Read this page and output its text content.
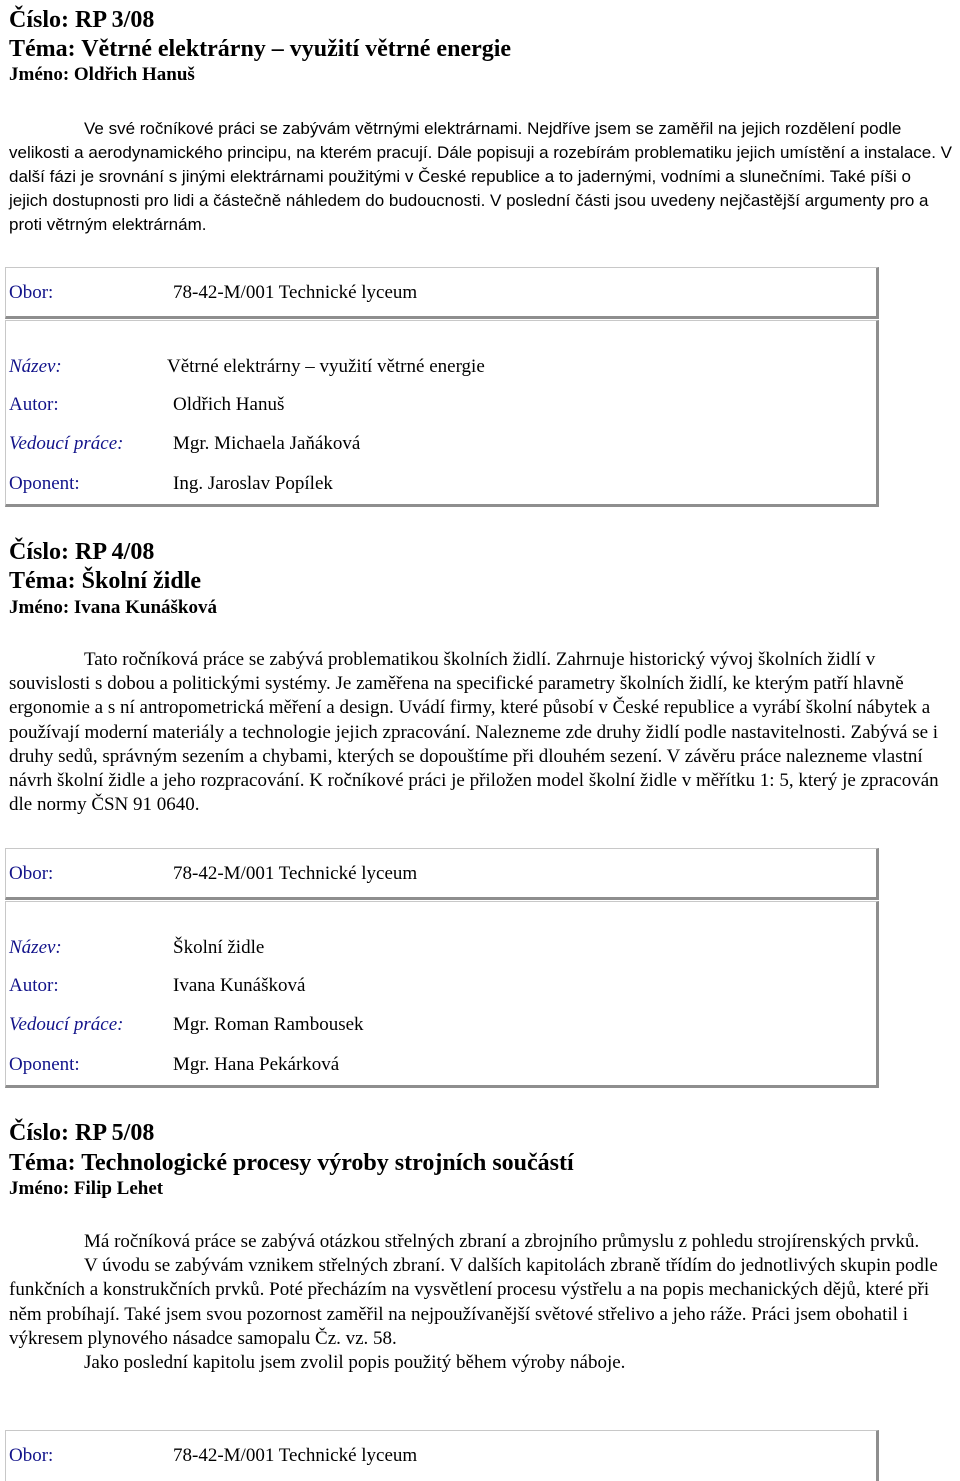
Číslo: RP 3/08
Téma: Větrné elektrárny – využití větrné energie
Jméno: Oldřich Hanuš

Ve své ročníkové práci se zabývám větrnými elektrárnami. Nejdříve jsem se zaměřil na jejich rozdělení podle velikosti a aerodynamického principu, na kterém pracují. Dále popisuji a rozebírám problematiku jejich umístění a instalace. V další fázi je srovnání s jinými elektrárnami použitými v České republice a to jadernými, vodními a slunečními. Také píši o jejich dostupnosti pro lidi a částečně náhledem do budoucnosti. V poslední části jsou uvedeny nejčastější argumenty pro a proti větrným elektrárnám.

Obor:	78-42-M/001 Technické lyceum
Název:	Větrné elektrárny – využití větrné energie
Autor:	Oldřich Hanuš
Vedoucí práce:	Mgr. Michaela Jaňáková
Oponent:	Ing. Jaroslav Popílek
Číslo: RP 4/08
Téma: Školní židle
Jméno: Ivana Kunášková

Tato ročníková práce se zabývá problematikou školních židlí. Zahrnuje historický vývoj školních židlí v souvislosti s dobou a politickými systémy. Je zaměřena na specifické parametry školních židlí, ke kterým patří hlavně ergonomie a s ní antropometrická měření a design. Uvádí firmy, které působí v České republice a vyrábí školní nábytek a používají moderní materiály a technologie jejich zpracování. Nalezneme zde druhy židlí podle nastavitelnosti. Zabývá se i druhy sedů, správným sezením a chybami, kterých se dopouštíme při dlouhém sezení. V závěru práce nalezneme vlastní návrh školní židle a jeho rozpracování. K ročníkové práci je přiložen model školní židle v měřítku 1: 5, který je zpracován dle normy ČSN 91 0640.

Obor:	78-42-M/001 Technické lyceum
Název:	Školní židle
Autor:	Ivana Kunášková
Vedoucí práce:	Mgr. Roman Rambousek
Oponent:	Mgr. Hana Pekárková
Číslo: RP 5/08
Téma: Technologické procesy výroby strojních součástí
Jméno: Filip Lehet

Má ročníková práce se zabývá otázkou střelných zbraní a zbrojního průmyslu z pohledu strojírenských prvků.

V úvodu se zabývám vznikem střelných zbraní. V dalších kapitolách zbraně třídím do jednotlivých skupin podle funkčních a konstrukčních prvků. Poté přecházím na vysvětlení procesu výstřelu a na popis mechanických dějů, které při něm probíhají. Také jsem svou pozornost zaměřil na nejpoužívanější světové střelivo a jeho ráže. Práci jsem obohatil i výkresem plynového násadce samopalu Čz. vz. 58.

Jako poslední kapitolu jsem zvolil popis použitý během výroby náboje.

Obor:	78-42-M/001 Technické lyceum
